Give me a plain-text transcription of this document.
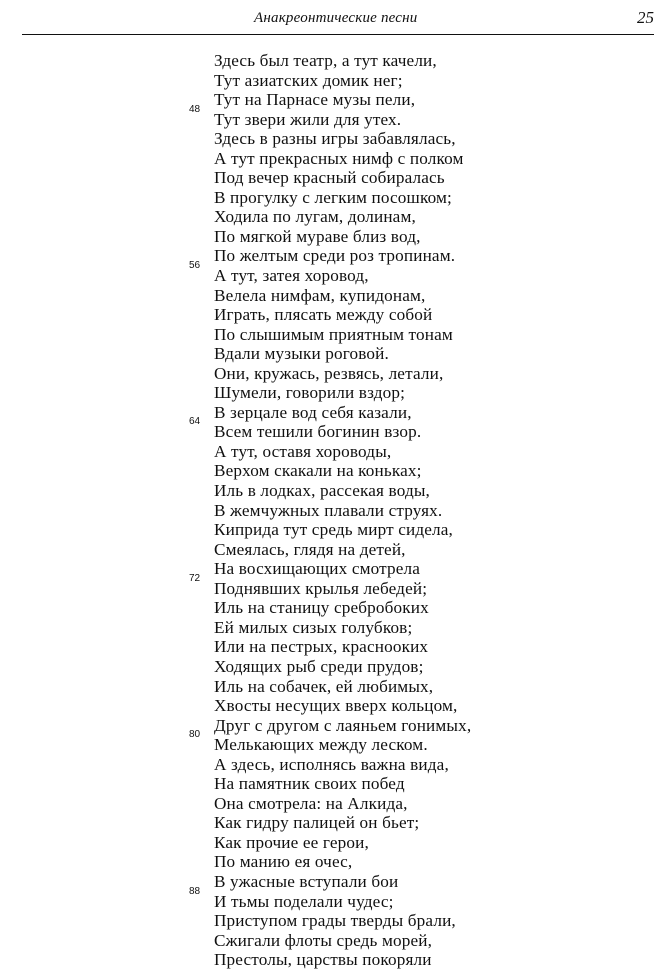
Анакреонтические песни	25
Здесь был театр, а тут качели,
Тут азиатских домик нег;
Тут на Парнасе музы пели,
48
Тут звери жили для утех.
Здесь в разны игры забавлялась,
А тут прекрасных нимф с полком
Под вечер красный собиралась
В прогулку с легким посошком;
Ходила по лугам, долинам,
По мягкой мураве близ вод,
По желтым среди роз тропинам.
56
А тут, затея хоровод,
Велела нимфам, купидонам,
Играть, плясать между собой
По слышимым приятным тонам
Вдали музыки роговой.
Они, кружась, резвясь, летали,
Шумели, говорили вздор;
В зерцале вод себя казали,
64
Всем тешили богинин взор.
А тут, оставя хороводы,
Верхом скакали на коньках;
Иль в лодках, рассекая воды,
В жемчужных плавали струях.
Киприда тут средь мирт сидела,
Смеялась, глядя на детей,
На восхищающих смотрела
72
Поднявших крылья лебедей;
Иль на станицу сребробоких
Ей милых сизых голубков;
Или на пестрых, краснооких
Ходящих рыб среди прудов;
Иль на собачек, ей любимых,
Хвосты несущих вверх кольцом,
Друг с другом с лаяньем гонимых,
80
Мелькающих между леском.
А здесь, исполнясь важна вида,
На памятник своих побед
Она смотрела: на Алкида,
Как гидру палицей он бьет;
Как прочие ее герои,
По манию ея очес,
В ужасные вступали бои
88
И тьмы поделали чудес;
Приступом грады тверды брали,
Сжигали флоты средь морей,
Престолы, царствы покоряли
